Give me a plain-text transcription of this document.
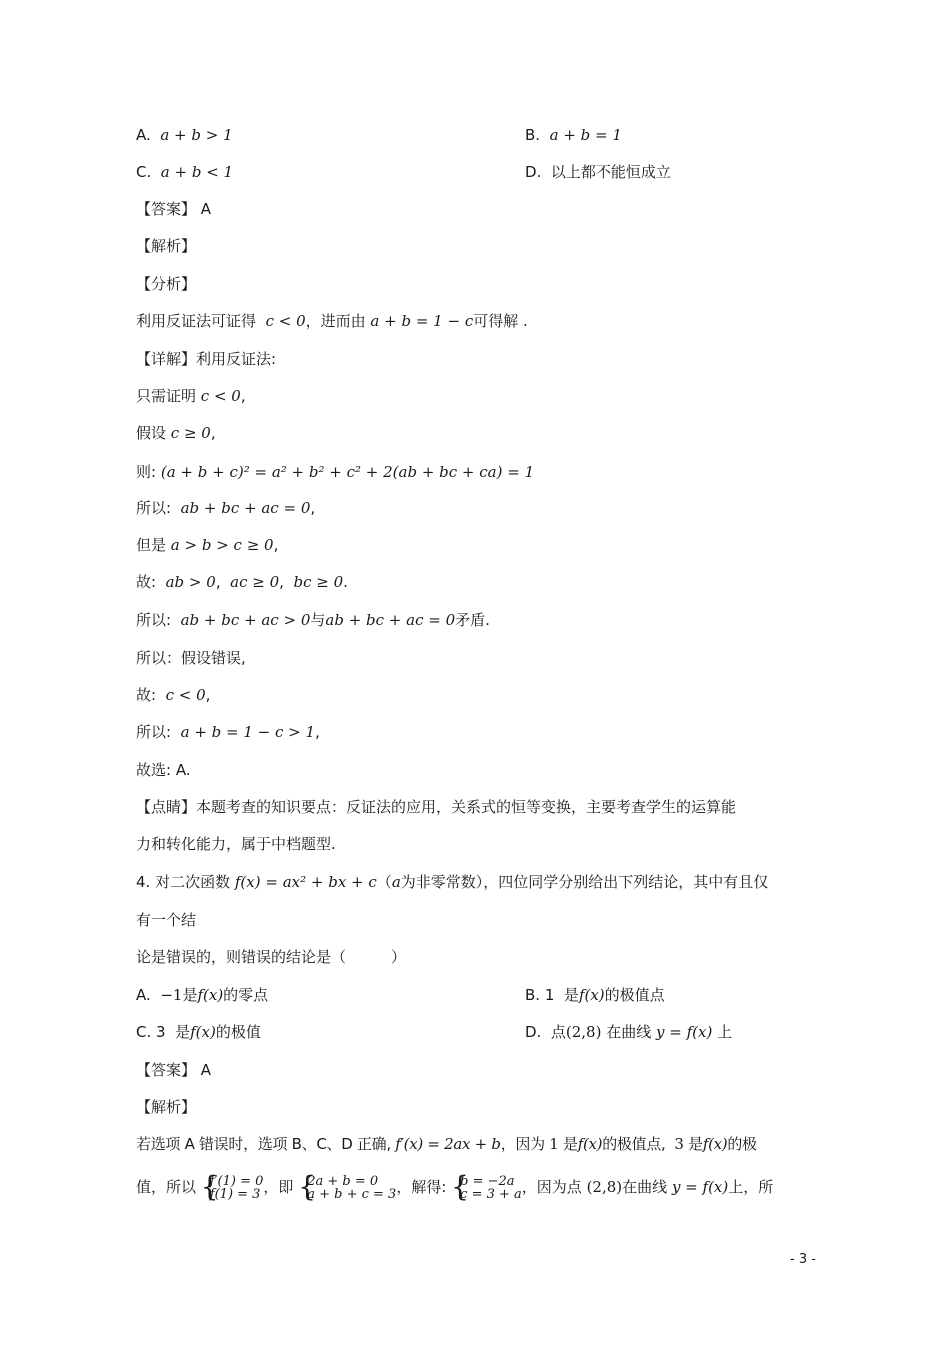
A. a + b > 1	B. a + b = 1
C. a + b < 1	D. 以上都不能恒成立
【答案】 A
【解析】
【分析】
利用反证法可证得 c < 0，进而由 a + b = 1 − c可得解 .
【详解】利用反证法:
只需证明 c < 0,
假设 c ≥ 0,
则: (a + b + c)² = a² + b² + c² + 2(ab + bc + ca) = 1
所以: ab + bc + ac = 0,
但是 a > b > c ≥ 0,
故: ab > 0, ac ≥ 0, bc ≥ 0.
所以: ab + bc + ac > 0与ab + bc + ac = 0矛盾.
所以：假设错误,
故: c < 0,
所以: a + b = 1 − c > 1,
故选: A.
【点睛】本题考查的知识要点：反证法的应用，关系式的恒等变换，主要考查学生的运算能
力和转化能力，属于中档题型.
4. 对二次函数 f(x) = ax² + bx + c（a为非零常数），四位同学分别给出下列结论，其中有且仅
有一个结
论是错误的，则错误的结论是（　　　）
A. −1是f(x)的零点	B. 1 是f(x)的极值点
C. 3 是f(x)的极值	D. 点(2,8) 在曲线 y = f(x) 上
【答案】 A
【解析】
若选项 A 错误时，选项 B、C、D 正确, f′(x) = 2ax + b，因为 1 是f(x)的极值点, 3 是f(x)的极
值，所以 { f′(1) = 0
f(1) = 3 ，即 { 2a + b = 0
a + b + c = 3 ，解得: { b = −2a
c = 3 + a ，因为点 (2,8)在曲线 y = f(x)上，所
- 3 -
